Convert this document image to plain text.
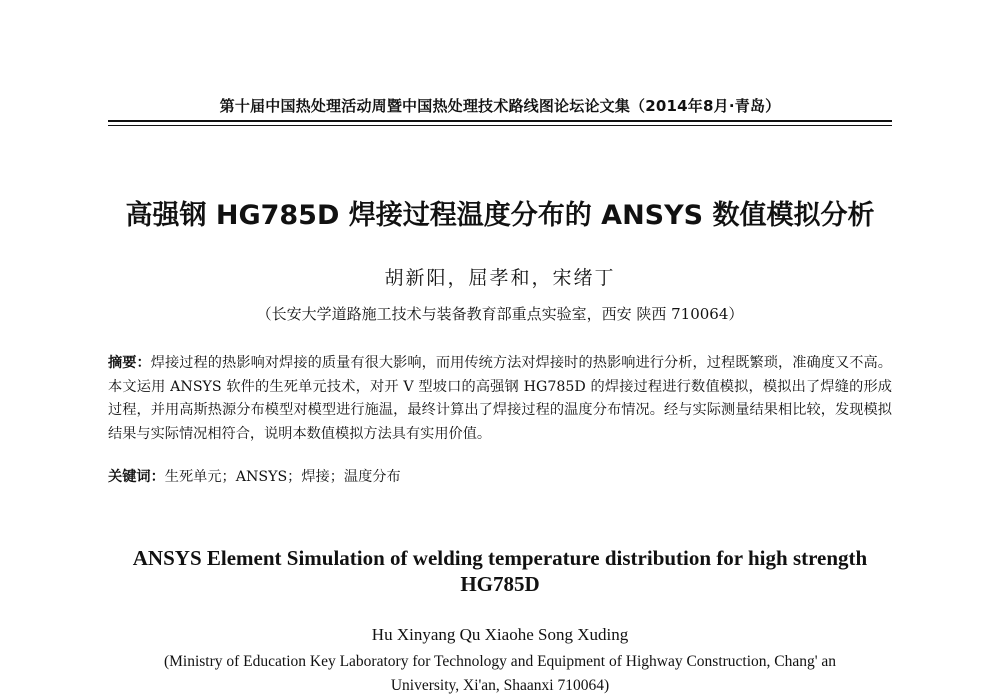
第十届中国热处理活动周暨中国热处理技术路线图论坛论文集（2014年8月·青岛）
高强钢 HG785D 焊接过程温度分布的 ANSYS 数值模拟分析
胡新阳，屈孝和，宋绪丁
（长安大学道路施工技术与装备教育部重点实验室，西安 陕西 710064）
摘要：焊接过程的热影响对焊接的质量有很大影响，而用传统方法对焊接时的热影响进行分析，过程既繁琐，准确度又不高。本文运用 ANSYS 软件的生死单元技术，对开 V 型坡口的高强钢 HG785D 的焊接过程进行数值模拟，模拟出了焊缝的形成过程，并用高斯热源分布模型对模型进行施温，最终计算出了焊接过程的温度分布情况。经与实际测量结果相比较，发现模拟结果与实际情况相符合，说明本数值模拟方法具有实用价值。
关键词：生死单元；ANSYS；焊接；温度分布
ANSYS Element Simulation of welding temperature distribution for high strength HG785D
Hu Xinyang Qu Xiaohe Song Xuding
(Ministry of Education Key Laboratory for Technology and Equipment of Highway Construction, Chang' an
University, Xi'an, Shaanxi 710064)
